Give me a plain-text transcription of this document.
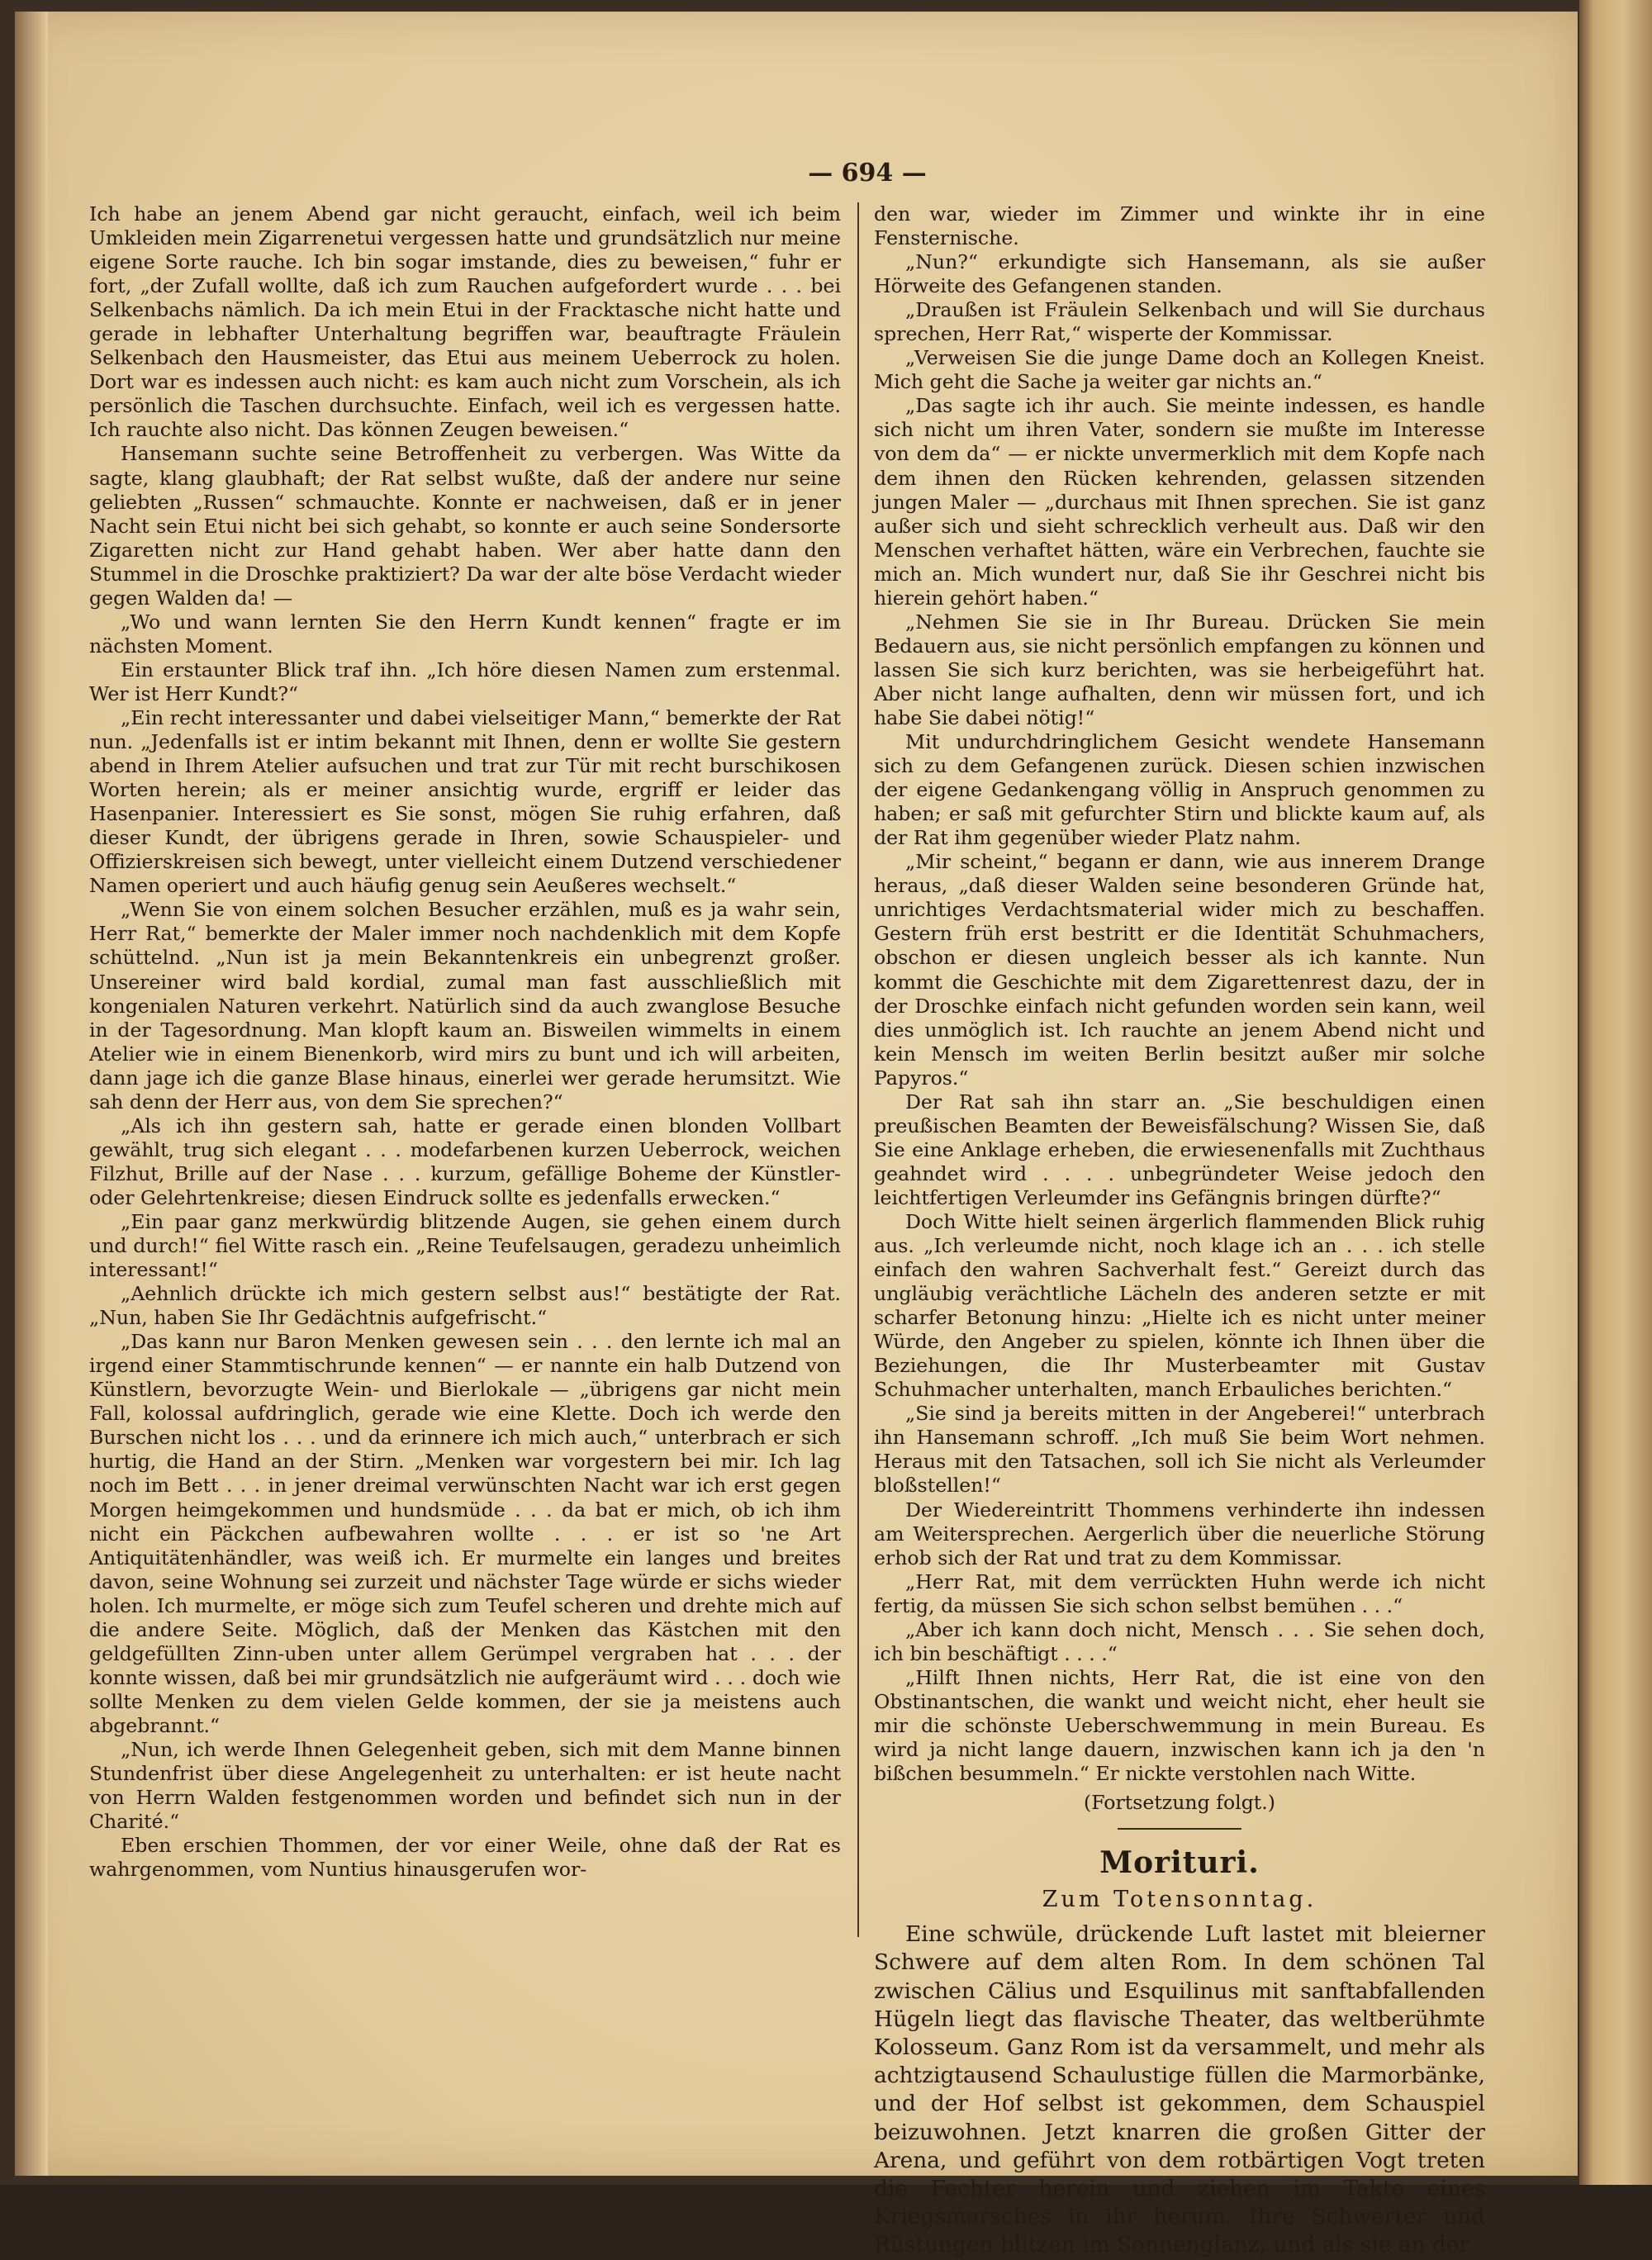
— 694 —

Ich habe an jenem Abend gar nicht geraucht, einfach, weil ich beim Umkleiden mein Zigarrenetui vergessen hatte und grundsätzlich nur meine eigene Sorte rauche. Ich bin sogar imstande, dies zu beweisen,“ fuhr er fort, „der Zufall wollte, daß ich zum Rauchen aufgefordert wurde . . . bei Selkenbachs nämlich. Da ich mein Etui in der Fracktasche nicht hatte und gerade in lebhafter Unterhaltung begriffen war, beauftragte Fräulein Selkenbach den Hausmeister, das Etui aus meinem Ueberrock zu holen. Dort war es indessen auch nicht: es kam auch nicht zum Vorschein, als ich persönlich die Taschen durchsuchte. Einfach, weil ich es vergessen hatte. Ich rauchte also nicht. Das können Zeugen beweisen.“

Hansemann suchte seine Betroffenheit zu verbergen. Was Witte da sagte, klang glaubhaft; der Rat selbst wußte, daß der andere nur seine geliebten „Russen“ schmauchte. Konnte er nachweisen, daß er in jener Nacht sein Etui nicht bei sich gehabt, so konnte er auch seine Sondersorte Zigaretten nicht zur Hand gehabt haben. Wer aber hatte dann den Stummel in die Droschke praktiziert? Da war der alte böse Verdacht wieder gegen Walden da! —

„Wo und wann lernten Sie den Herrn Kundt kennen“ fragte er im nächsten Moment.

Ein erstaunter Blick traf ihn. „Ich höre diesen Namen zum erstenmal. Wer ist Herr Kundt?“

„Ein recht interessanter und dabei vielseitiger Mann,“ bemerkte der Rat nun. „Jedenfalls ist er intim bekannt mit Ihnen, denn er wollte Sie gestern abend in Ihrem Atelier aufsuchen und trat zur Tür mit recht burschikosen Worten herein; als er meiner ansichtig wurde, ergriff er leider das Hasenpanier. Interessiert es Sie sonst, mögen Sie ruhig erfahren, daß dieser Kundt, der übrigens gerade in Ihren, sowie Schauspieler- und Offizierskreisen sich bewegt, unter vielleicht einem Dutzend verschiedener Namen operiert und auch häufig genug sein Aeußeres wechselt.“

„Wenn Sie von einem solchen Besucher erzählen, muß es ja wahr sein, Herr Rat,“ bemerkte der Maler immer noch nachdenklich mit dem Kopfe schüttelnd. „Nun ist ja mein Bekanntenkreis ein unbegrenzt großer. Unsereiner wird bald kordial, zumal man fast ausschließlich mit kongenialen Naturen verkehrt. Natürlich sind da auch zwanglose Besuche in der Tagesordnung. Man klopft kaum an. Bisweilen wimmelts in einem Atelier wie in einem Bienenkorb, wird mirs zu bunt und ich will arbeiten, dann jage ich die ganze Blase hinaus, einerlei wer gerade herumsitzt. Wie sah denn der Herr aus, von dem Sie sprechen?“

„Als ich ihn gestern sah, hatte er gerade einen blonden Vollbart gewählt, trug sich elegant . . . modefarbenen kurzen Ueberrock, weichen Filzhut, Brille auf der Nase . . . kurzum, gefällige Boheme der Künstler- oder Gelehrtenkreise; diesen Eindruck sollte es jedenfalls erwecken.“

„Ein paar ganz merkwürdig blitzende Augen, sie gehen einem durch und durch!“ fiel Witte rasch ein. „Reine Teufelsaugen, geradezu unheimlich interessant!“

„Aehnlich drückte ich mich gestern selbst aus!“ bestätigte der Rat. „Nun, haben Sie Ihr Gedächtnis aufgefrischt.“

„Das kann nur Baron Menken gewesen sein . . . den lernte ich mal an irgend einer Stammtischrunde kennen“ — er nannte ein halb Dutzend von Künstlern, bevorzugte Wein- und Bierlokale — „übrigens gar nicht mein Fall, kolossal aufdringlich, gerade wie eine Klette. Doch ich werde den Burschen nicht los . . . und da erinnere ich mich auch,“ unterbrach er sich hurtig, die Hand an der Stirn. „Menken war vorgestern bei mir. Ich lag noch im Bett . . . in jener dreimal verwünschten Nacht war ich erst gegen Morgen heimgekommen und hundsmüde . . . da bat er mich, ob ich ihm nicht ein Päckchen aufbewahren wollte . . . er ist so 'ne Art Antiquitätenhändler, was weiß ich. Er murmelte ein langes und breites davon, seine Wohnung sei zurzeit und nächster Tage würde er sichs wieder holen. Ich murmelte, er möge sich zum Teufel scheren und drehte mich auf die andere Seite. Möglich, daß der Menken das Kästchen mit den geldgefüllten Zinn-uben unter allem Gerümpel vergraben hat . . . der konnte wissen, daß bei mir grundsätzlich nie aufgeräumt wird . . . doch wie sollte Menken zu dem vielen Gelde kommen, der sie ja meistens auch abgebrannt.“

„Nun, ich werde Ihnen Gelegenheit geben, sich mit dem Manne binnen Stundenfrist über diese Angelegenheit zu unterhalten: er ist heute nacht von Herrn Walden festgenommen worden und befindet sich nun in der Charité.“

Eben erschien Thommen, der vor einer Weile, ohne daß der Rat es wahrgenommen, vom Nuntius hinausgerufen wor-

den war, wieder im Zimmer und winkte ihr in eine Fensternische.

„Nun?“ erkundigte sich Hansemann, als sie außer Hörweite des Gefangenen standen.

„Draußen ist Fräulein Selkenbach und will Sie durchaus sprechen, Herr Rat,“ wisperte der Kommissar.

„Verweisen Sie die junge Dame doch an Kollegen Kneist. Mich geht die Sache ja weiter gar nichts an.“

„Das sagte ich ihr auch. Sie meinte indessen, es handle sich nicht um ihren Vater, sondern sie mußte im Interesse von dem da“ — er nickte unvermerklich mit dem Kopfe nach dem ihnen den Rücken kehrenden, gelassen sitzenden jungen Maler — „durchaus mit Ihnen sprechen. Sie ist ganz außer sich und sieht schrecklich verheult aus. Daß wir den Menschen verhaftet hätten, wäre ein Verbrechen, fauchte sie mich an. Mich wundert nur, daß Sie ihr Geschrei nicht bis hierein gehört haben.“

„Nehmen Sie sie in Ihr Bureau. Drücken Sie mein Bedauern aus, sie nicht persönlich empfangen zu können und lassen Sie sich kurz berichten, was sie herbeigeführt hat. Aber nicht lange aufhalten, denn wir müssen fort, und ich habe Sie dabei nötig!“

Mit undurchdringlichem Gesicht wendete Hansemann sich zu dem Gefangenen zurück. Diesen schien inzwischen der eigene Gedankengang völlig in Anspruch genommen zu haben; er saß mit gefurchter Stirn und blickte kaum auf, als der Rat ihm gegenüber wieder Platz nahm.

„Mir scheint,“ begann er dann, wie aus innerem Drange heraus, „daß dieser Walden seine besonderen Gründe hat, unrichtiges Verdachtsmaterial wider mich zu beschaffen. Gestern früh erst bestritt er die Identität Schuhmachers, obschon er diesen ungleich besser als ich kannte. Nun kommt die Geschichte mit dem Zigarettenrest dazu, der in der Droschke einfach nicht gefunden worden sein kann, weil dies unmöglich ist. Ich rauchte an jenem Abend nicht und kein Mensch im weiten Berlin besitzt außer mir solche Papyros.“

Der Rat sah ihn starr an. „Sie beschuldigen einen preußischen Beamten der Beweisfälschung? Wissen Sie, daß Sie eine Anklage erheben, die erwiesenenfalls mit Zuchthaus geahndet wird . . . . unbegründeter Weise jedoch den leichtfertigen Verleumder ins Gefängnis bringen dürfte?“

Doch Witte hielt seinen ärgerlich flammenden Blick ruhig aus. „Ich verleumde nicht, noch klage ich an . . . ich stelle einfach den wahren Sachverhalt fest.“ Gereizt durch das ungläubig verächtliche Lächeln des anderen setzte er mit scharfer Betonung hinzu: „Hielte ich es nicht unter meiner Würde, den Angeber zu spielen, könnte ich Ihnen über die Beziehungen, die Ihr Musterbeamter mit Gustav Schuhmacher unterhalten, manch Erbauliches berichten.“

„Sie sind ja bereits mitten in der Angeberei!“ unterbrach ihn Hansemann schroff. „Ich muß Sie beim Wort nehmen. Heraus mit den Tatsachen, soll ich Sie nicht als Verleumder bloßstellen!“

Der Wiedereintritt Thommens verhinderte ihn indessen am Weitersprechen. Aergerlich über die neuerliche Störung erhob sich der Rat und trat zu dem Kommissar.

„Herr Rat, mit dem verrückten Huhn werde ich nicht fertig, da müssen Sie sich schon selbst bemühen . . .“

„Aber ich kann doch nicht, Mensch . . . Sie sehen doch, ich bin beschäftigt . . . .“

„Hilft Ihnen nichts, Herr Rat, die ist eine von den Obstinantschen, die wankt und weicht nicht, eher heult sie mir die schönste Ueberschwemmung in mein Bureau. Es wird ja nicht lange dauern, inzwischen kann ich ja den 'n bißchen besummeln.“ Er nickte verstohlen nach Witte.

(Fortsetzung folgt.)

Morituri.
Zum Totensonntag.

Eine schwüle, drückende Luft lastet mit bleierner Schwere auf dem alten Rom. In dem schönen Tal zwischen Cälius und Esquilinus mit sanftabfallenden Hügeln liegt das flavische Theater, das weltberühmte Kolosseum. Ganz Rom ist da versammelt, und mehr als achtzigtausend Schaulustige füllen die Marmorbänke, und der Hof selbst ist gekommen, dem Schauspiel beizuwohnen. Jetzt knarren die großen Gitter der Arena, und geführt von dem rotbärtigen Vogt treten die Fechter herein und ziehen im Takte eines Kriegsmarsches in ihr herum. Ihre Schwerter und Rüstungen blitzen im Sonnenglanz, und als sie an der
